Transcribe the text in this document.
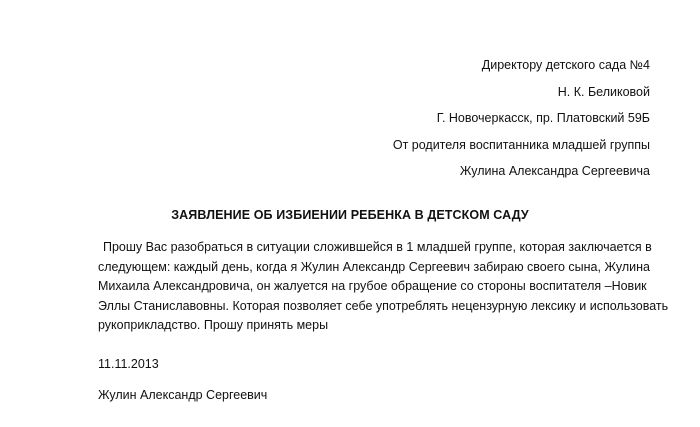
Директору детского сада №4
Н. К. Беликовой
Г. Новочеркасск, пр. Платовский 59Б
От родителя воспитанника младшей группы
Жулина Александра Сергеевича
ЗАЯВЛЕНИЕ ОБ ИЗБИЕНИИ РЕБЕНКА В ДЕТСКОМ САДУ
Прошу Вас разобраться в ситуации сложившейся в 1 младшей группе, которая заключается в
следующем: каждый день, когда я Жулин Александр Сергеевич забираю своего сына, Жулина
Михаила Александровича, он жалуется на грубое обращение со стороны воспитателя –Новик
Эллы Станиславовны. Которая позволяет себе употреблять нецензурную лексику и использовать
рукоприкладство. Прошу принять меры
11.11.2013
Жулин Александр Сергеевич
